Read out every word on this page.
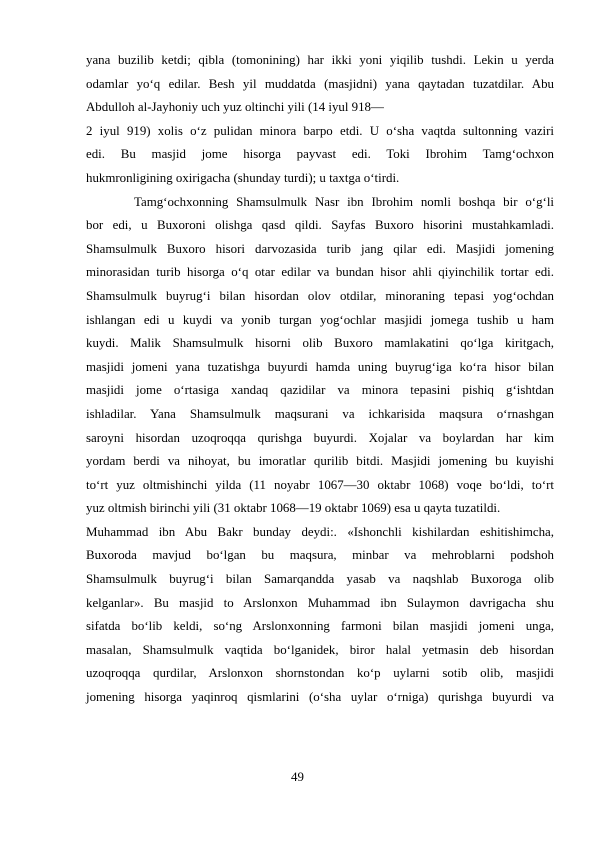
yana buzilib ketdi; qibla (tomonining) har ikki yoni yiqilib tushdi. Lekin u yerda
odamlar yo‘q edilar. Besh yil muddatda (masjidni) yana qaytadan tuzatdilar. Abu
Abdulloh al-Jayhoniy uch yuz oltinchi yili (14 iyul 918—
2 iyul 919) xolis o‘z pulidan minora barpo etdi. U o‘sha vaqtda sultonning vaziri
edi. Bu masjid jome hisorga payvast edi. Toki Ibrohim Tamg‘ochxon
hukmronligining oxirigacha (shunday turdi); u taxtga o‘tirdi.
Tamg‘ochxonning Shamsulmulk Nasr ibn Ibrohim nomli boshqa bir o‘g‘li
bor edi, u Buxoroni olishga qasd qildi. Sayfas Buxoro hisorini mustahkamladi.
Shamsulmulk Buxoro hisori darvozasida turib jang qilar edi. Masjidi jomening
minorasidan turib hisorga o‘q otar edilar va bundan hisor ahli qiyinchilik tortar edi.
Shamsulmulk buyrug‘i bilan hisordan olov otdilar, minoraning tepasi yog‘ochdan
ishlangan edi u kuydi va yonib turgan yog‘ochlar masjidi jomega tushib u ham
kuydi. Malik Shamsulmulk hisorni olib Buxoro mamlakatini qo‘lga kiritgach,
masjidi jomeni yana tuzatishga buyurdi hamda uning buyrug‘iga ko‘ra hisor bilan
masjidi jome o‘rtasiga xandaq qazidilar va minora tepasini pishiq g‘ishtdan
ishladilar. Yana Shamsulmulk maqsurani va ichkarisida maqsura o‘rnashgan
saroyni hisordan uzoqroqqa qurishga buyurdi. Xojalar va boylardan har kim
yordam berdi va nihoyat, bu imoratlar qurilib bitdi. Masjidi jomening bu kuyishi
to‘rt yuz oltmishinchi yilda (11 noyabr 1067—30 oktabr 1068) voqe bo‘ldi, to‘rt
yuz oltmish birinchi yili (31 oktabr 1068—19 oktabr 1069) esa u qayta tuzatildi.
Muhammad ibn Abu Bakr bunday deydi:. «Ishonchli kishilardan eshitishimcha,
Buxoroda mavjud bo‘lgan bu maqsura, minbar va mehroblarni podshoh
Shamsulmulk buyrug‘i bilan Samarqandda yasab va naqshlab Buxoroga olib
kelganlar». Bu masjid to Arslonxon Muhammad ibn Sulaymon davrigacha shu
sifatda bo‘lib keldi, so‘ng Arslonxonning farmoni bilan masjidi jomeni unga,
masalan, Shamsulmulk vaqtida bo‘lganidek, biror halal yetmasin deb hisordan
uzoqroqqa qurdilar, Arslonxon shornstondan ko‘p uylarni sotib olib, masjidi
jomening hisorga yaqinroq qismlarini (o‘sha uylar o‘rniga) qurishga buyurdi va
49
